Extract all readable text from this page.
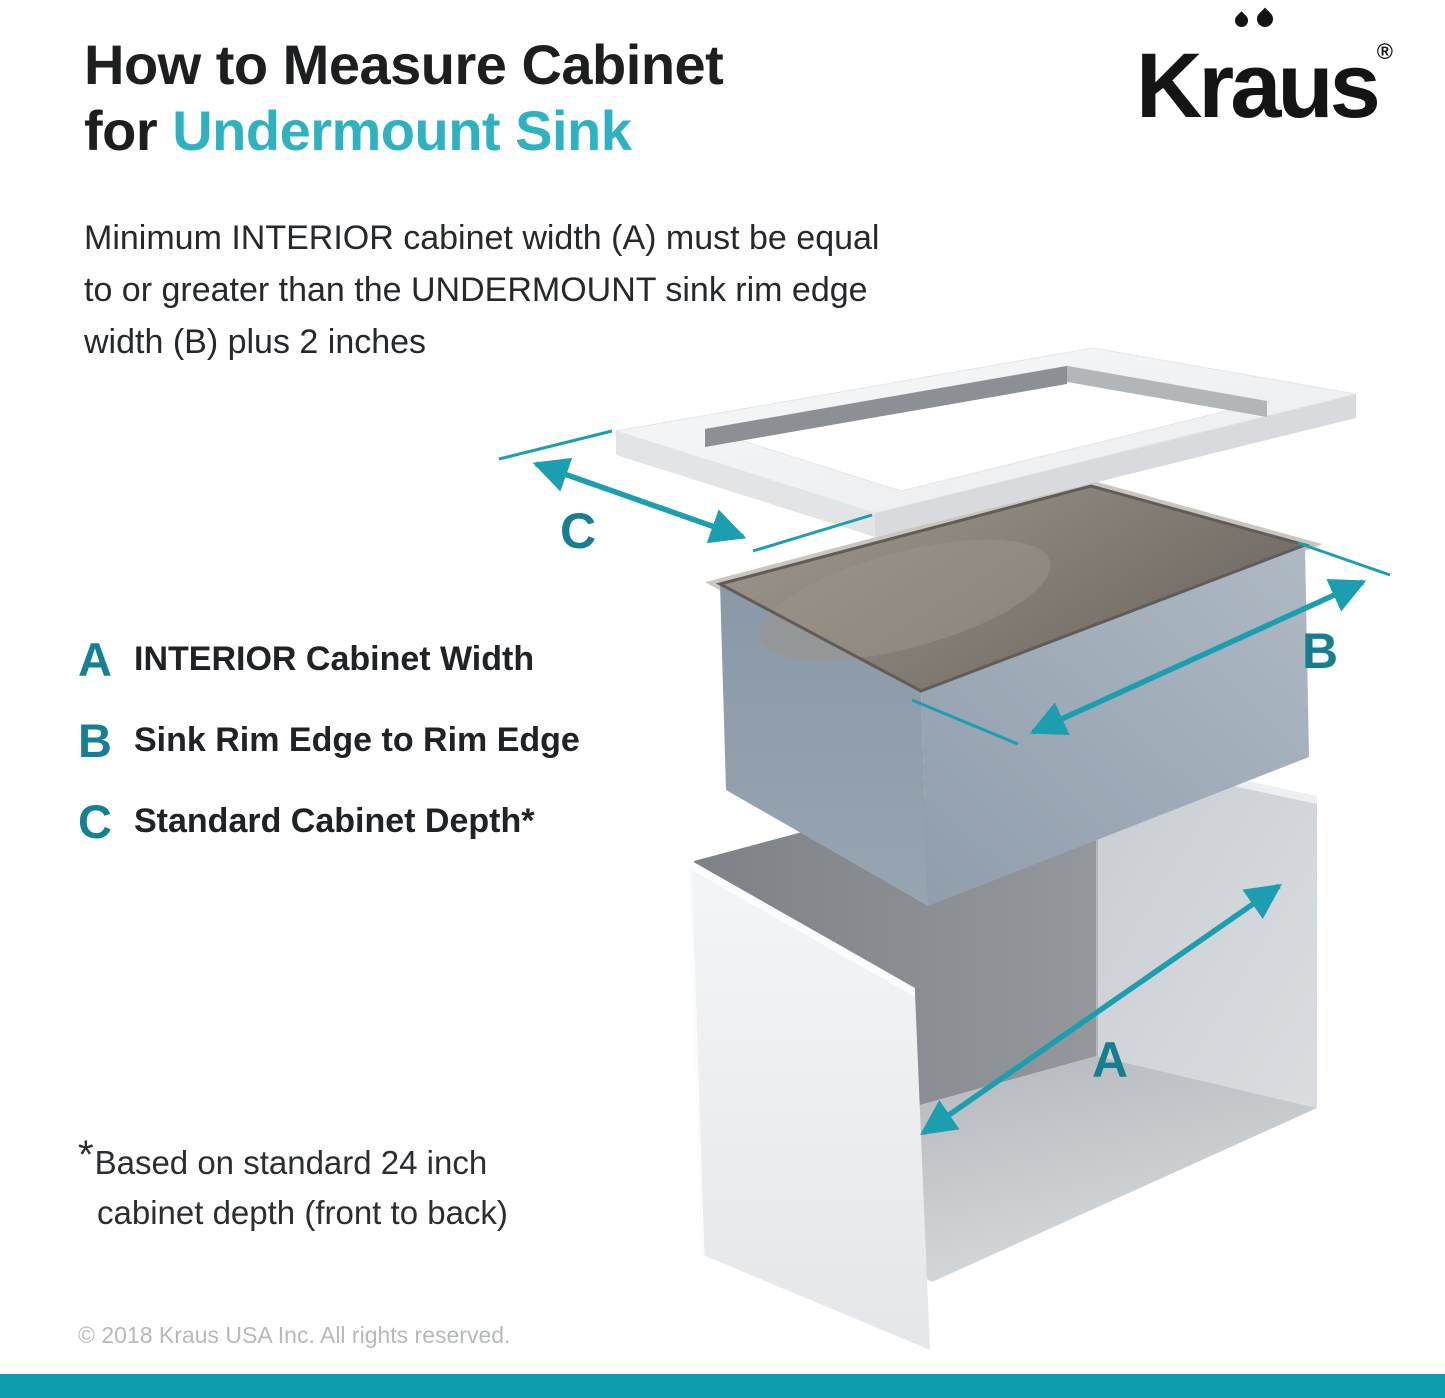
C
B
A
How to Measure Cabinet
for Undermount Sink	Kr
aus®
Minimum INTERIOR cabinet width (A) must be equal
to or greater than the UNDERMOUNT sink rim edge
width (B) plus 2 inches
A INTERIOR Cabinet Width
B Sink Rim Edge to Rim Edge
C Standard Cabinet Depth*
*Based on standard 24 inch
cabinet depth (front to back)
© 2018 Kraus USA Inc. All rights reserved.
